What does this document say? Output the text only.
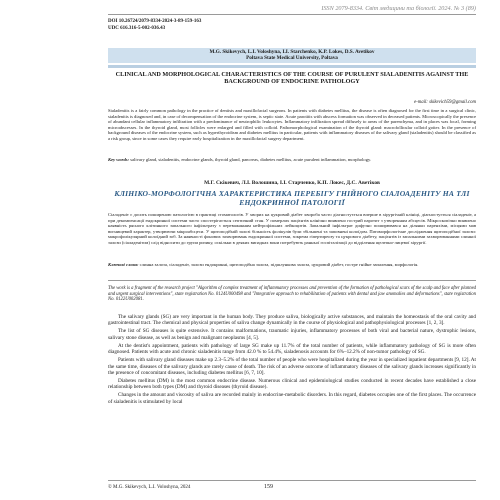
ISSN 2079-8334. Світ медицини та біології. 2024. № 3 (89)
DOI 10.26724/2079-8334-2024-3-89-159-163
UDC 616.316-5-002-036.43
M.G. Skikevych, L.I. Voloshyna, I.I. Starchenko, K.P. Lokes, D.S. Avetikov
Poltava State Medical University, Poltava
CLINICAL AND MORPHOLOGICAL CHARACTERISTICS OF THE COURSE OF PURULENT SIALADENITIS AGAINST THE BACKGROUND OF ENDOCRINE PATHOLOGY
e-mail: skikevich59@gmail.com
Sialadenitis is a fairly common pathology in the practice of dentists and maxillofacial surgeons. In patients with diabetes mellitus, the disease is often diagnosed for the first time in a surgical clinic, sialadenitis is diagnosed and, in case of decompensation of the endocrine system, is septic state. Acute parotitis with abscess formation was observed in deceased patients. Microscopically the presence of abundant cellular inflammatory infiltration with a predominance of neutrophilic leukocytes. Inflammatory infiltration spread diffusely to areas of the parenchyma, and in places was focal, forming microabscesses. In the thyroid gland, most follicles were enlarged and filled with colloid. Pathomorphological examination of the thyroid gland: macrofollicular colloid goiter. In the presence of background diseases of the endocrine system, such as hyperthyroidism and diabetes mellitus in particular, patients with inflammatory diseases of the salivary gland (sialadenitis) should be classified as a risk group, since in some cases they require early hospitalization in the maxillofacial surgery department.
Key words: salivary gland, sialadenitis, endocrine glands, thyroid gland, pancreas, diabetes mellitus, acute purulent inflammation, morphology.
М.Г. Скікевич, Л.І. Волошина, І.І. Старченко, К.П. Локес, Д.С. Аветіков
КЛІНІКО-МОРФОЛОГІЧНА ХАРАКТЕРИСТИКА ПЕРЕБІГУ ГНІЙНОГО СІАЛОАДЕНІТУ НА ТЛІ ЕНДОКРИННОЇ ПАТОЛОГІЇ
Сіаладеніт є досить поширеною патологією в практиці стоматологів. У хворих на цукровий діабет хвороба часто діагностується вперше в хірургічній клініці, діагностується сіаладеніт, а при декомпенсації ендокринної системи часто спостерігається септичний стан. У померлих пацієнтів клінічно виявлено гострий паротит з утворенням абсцесів. Мікроскопічно виявлено наявність рясного клітинного запального інфільтрату з переважанням нейтрофільних лейкоцитів. Запальний інфільтрат дифузно поширювався на ділянки паренхіми, місцями мав вогнищевий характер, утворюючи мікроабсцеси. У щитоподібній залозі більшість фолікулів були збільшені та заповнені колоїдом. Патоморфологічне дослідження щитоподібної залози: макрофолікулярний колоїдний зоб. За наявності фонових захворювань ендокринної системи, зокрема гіпертиреозу та цукрового діабету, пацієнтів із запальними захворюваннями слинної залози (сіаладенітом) слід відносити до групи ризику, оскільки в деяких випадках вони потребують ранньої госпіталізації до відділення щелепно-лицевої хірургії.
Ключові слова: слинна залоза, сіаладеніт, залози ендокринні, щитоподібна залоза, підшлункова залоза, цукровий діабет, гостре гнійне запалення, морфологія.
The work is a fragment of the research project "Algorithm of complex treatment of inflammatory processes and prevention of the formation of pathological scars of the scalp and face after planned and urgent surgical interventions", state registration No. 0124U000498 and "Integrative approach to rehabilitation of patients with dental and jaw anomalies and deformations", state registration No. 0122U002081.

The salivary glands (SG) are very important in the human body. They produce saliva, biologically active substances, and maintain the homeostasis of the oral cavity and gastrointestinal tract. The chemical and physical properties of saliva change dynamically in the course of physiological and pathophysiological processes [1, 2, 3].

The list of SG diseases is quite extensive. It contains malformations, traumatic injuries, inflammatory processes of both viral and bacterial nature, dystrophic lesions, salivary stone disease, as well as benign and malignant neoplasms [4, 5].

At the dentist's appointment, patients with pathology of large SG make up 11.7% of the total number of patients, while inflammatory pathology of SG is more often diagnosed. Patients with acute and chronic sialadenitis range from 42.0 % to 54.4%, sialadenosis accounts for 6%–12.2% of non-tumor pathology of SG.

Patients with salivary gland diseases make up 2.3–5.2% of the total number of people who were hospitalized during the year in specialized inpatient departments [9, 12]. At the same time, diseases of the salivary glands are rarely cause of death. The risk of an adverse outcome of inflammatory diseases of the salivary glands increases significantly in the presence of concomitant diseases, including diabetes mellitus [6, 7, 10].

Diabetes mellitus (DM) is the most common endocrine disease. Numerous clinical and epidemiological studies conducted in recent decades have established a close relationship between both types (DM) and thyroid diseases (thyroid disease).

Changes in the amount and viscosity of saliva are recorded mainly in endocrine-metabolic disorders. In this regard, diabetes occupies one of the first places. The occurrence of sialadenitis is stimulated by local

© M.G. Skikevych, L.I. Voloshyna, 2024	159
